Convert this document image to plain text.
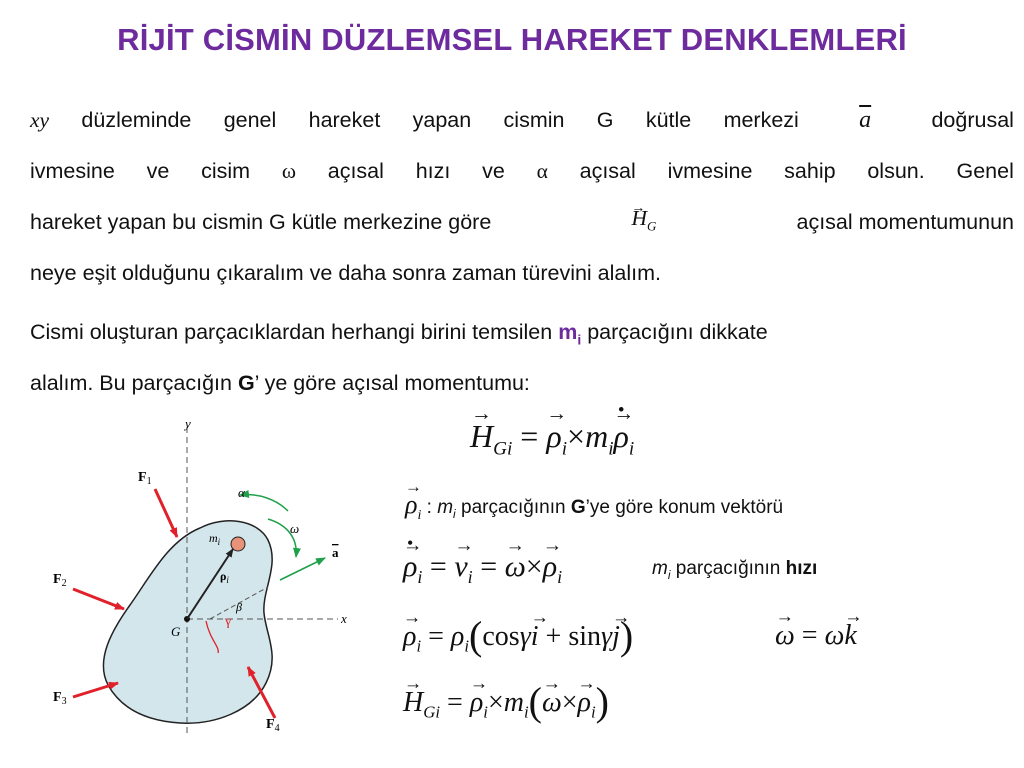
RİJİT CİSMİN DÜZLEMSEL HAREKET DENKLEMLERİ
xy düzleminde genel hareket yapan cismin G kütle merkezi	$\overline{a}$	doğrusal
ivmesine ve cisim ω açısal hızı ve α açısal ivmesine sahip olsun. Genel
hareket yapan bu cismin G kütle merkezine göre	→ $H_G$	açısal momentumunun
neye eşit olduğunu çıkaralım ve daha sonra zaman türevini alalım.
Cismi oluşturan parçacıklardan herhangi birini temsilen $m_i$ parçacığını dikkate
alalım. Bu parçacığın G’ ye göre açısal momentumu:
y
x
G
$m_i$
$\rho_i$
β
γ
α
ω
a
$F_1$
$F_2$
$F_3$
$F_4$
→ $H_{Gi}$ = → $\rho_i\times m_i\to \rho$ $•_i$
→ $\rho_i$ : $m_i$ parçacığının G’ye göre konum vektörü
→ ρ $•_i$ = → $v_i$ = → $\omega\times\to \rho_i$	$m_i$ parçacığının hızı
→ $\rho_i = \rho_i(\cos\gamma\to i + \sin\gamma\to j)$	→ ω = ω→ k
→ $H_{Gi}$ = → $\rho_i\times m_i(\to \omega\times\to \rho_i)$
